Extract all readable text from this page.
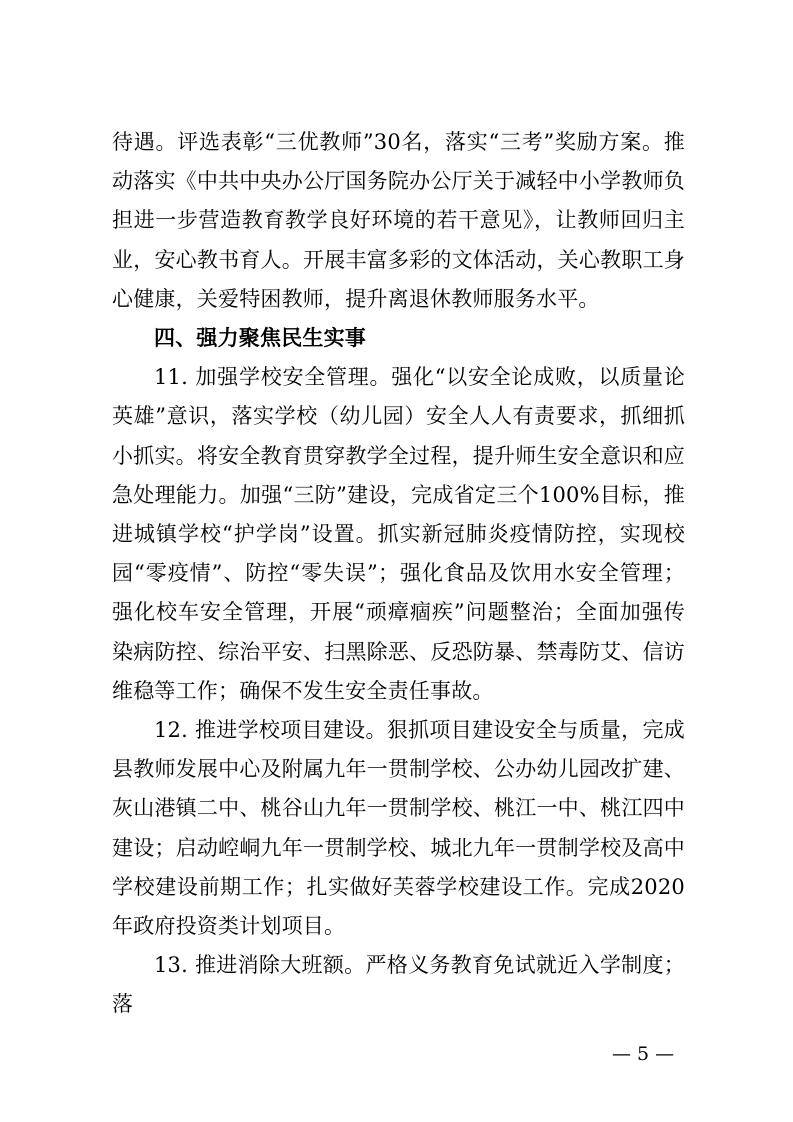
待遇。评选表彰“三优教师”30名，落实“三考”奖励方案。推动落实《中共中央办公厅国务院办公厅关于减轻中小学教师负担进一步营造教育教学良好环境的若干意见》，让教师回归主业，安心教书育人。开展丰富多彩的文体活动，关心教职工身心健康，关爱特困教师，提升离退休教师服务水平。

四、强力聚焦民生实事

11. 加强学校安全管理。强化“以安全论成败，以质量论英雄”意识，落实学校（幼儿园）安全人人有责要求，抓细抓小抓实。将安全教育贯穿教学全过程，提升师生安全意识和应急处理能力。加强“三防”建设，完成省定三个100%目标，推进城镇学校“护学岗”设置。抓实新冠肺炎疫情防控，实现校园“零疫情”、防控“零失误”；强化食品及饮用水安全管理；强化校车安全管理，开展“顽瘴痼疾”问题整治；全面加强传染病防控、综治平安、扫黑除恶、反恐防暴、禁毒防艾、信访维稳等工作；确保不发生安全责任事故。

12. 推进学校项目建设。狠抓项目建设安全与质量，完成县教师发展中心及附属九年一贯制学校、公办幼儿园改扩建、灰山港镇二中、桃谷山九年一贯制学校、桃江一中、桃江四中建设；启动崆峒九年一贯制学校、城北九年一贯制学校及高中学校建设前期工作；扎实做好芙蓉学校建设工作。完成2020年政府投资类计划项目。

13. 推进消除大班额。严格义务教育免试就近入学制度；落

— 5 —
